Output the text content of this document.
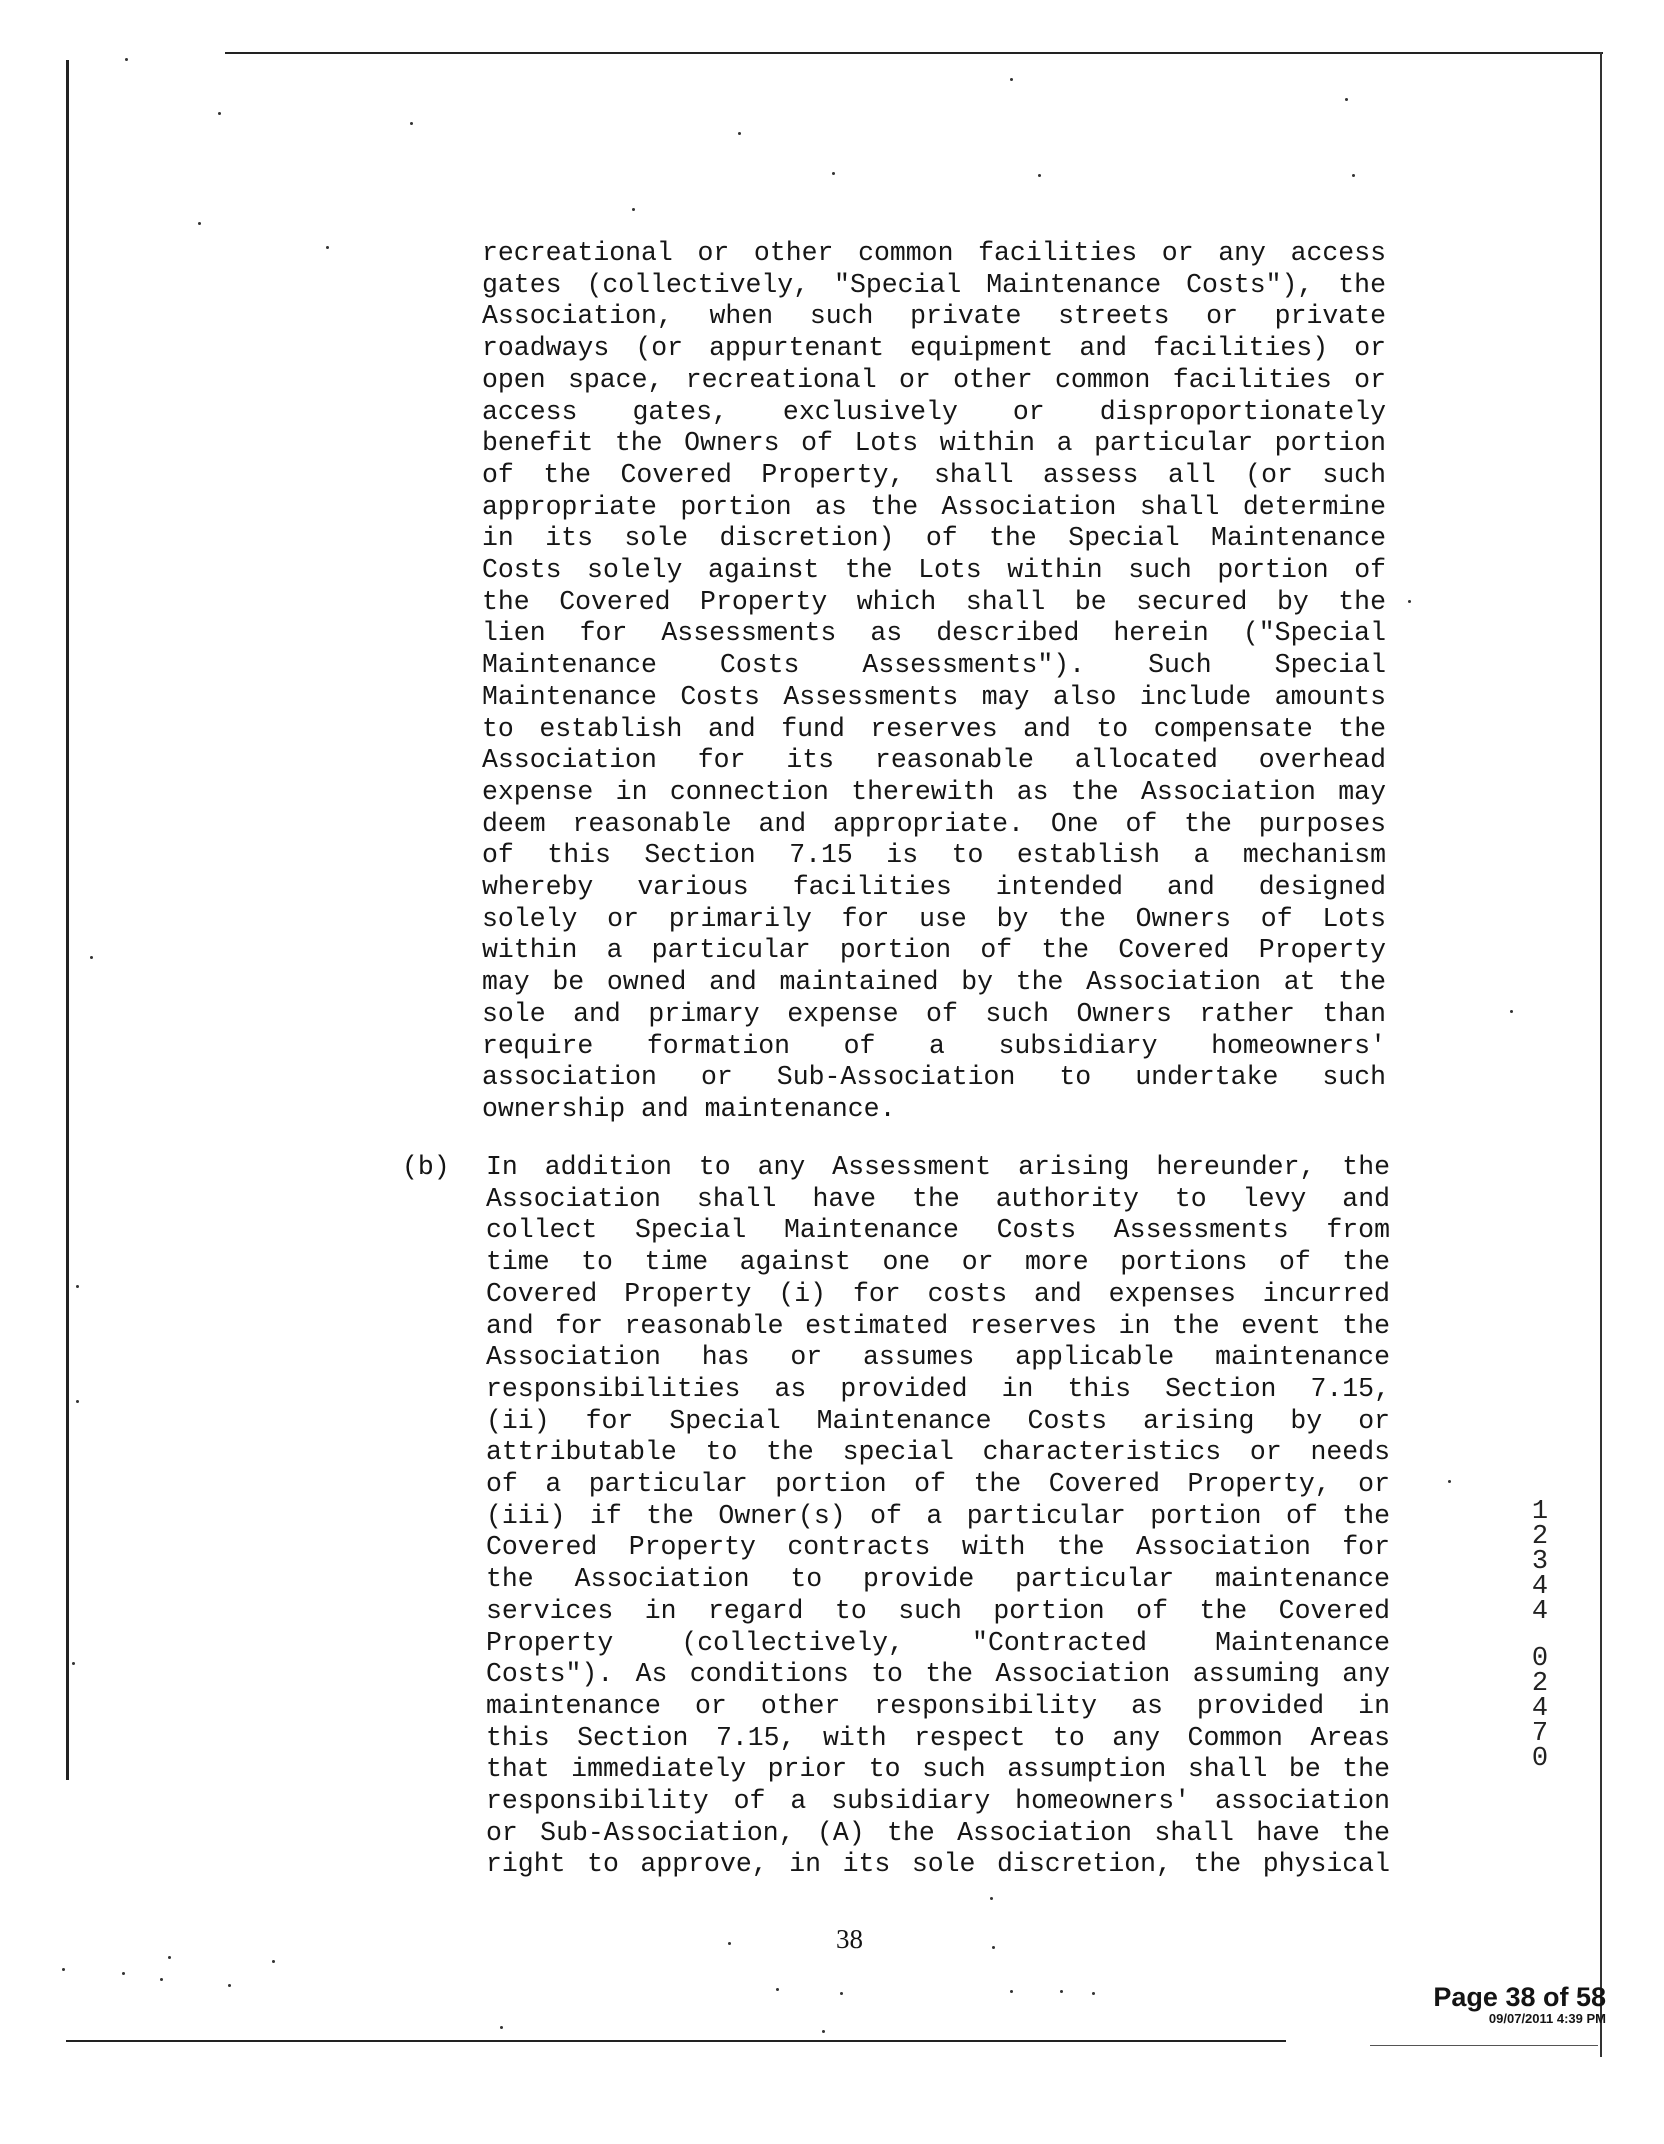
recreational or other common facilities or any access
gates (collectively, "Special Maintenance Costs"), the
Association, when such private streets or private
roadways (or appurtenant equipment and facilities) or
open space, recreational or other common facilities or
access gates, exclusively or disproportionately
benefit the Owners of Lots within a particular portion
of the Covered Property, shall assess all (or such
appropriate portion as the Association shall determine
in its sole discretion) of the Special Maintenance
Costs solely against the Lots within such portion of
the Covered Property which shall be secured by the
lien for Assessments as described herein ("Special
Maintenance Costs Assessments"). Such Special
Maintenance Costs Assessments may also include amounts
to establish and fund reserves and to compensate the
Association for its reasonable allocated overhead
expense in connection therewith as the Association may
deem reasonable and appropriate. One of the purposes
of this Section 7.15 is to establish a mechanism
whereby various facilities intended and designed
solely or primarily for use by the Owners of Lots
within a particular portion of the Covered Property
may be owned and maintained by the Association at the
sole and primary expense of such Owners rather than
require formation of a subsidiary homeowners'
association or Sub-Association to undertake such
ownership and maintenance.
(b) In addition to any Assessment arising hereunder, the
Association shall have the authority to levy and
collect Special Maintenance Costs Assessments from
time to time against one or more portions of the
Covered Property (i) for costs and expenses incurred
and for reasonable estimated reserves in the event the
Association has or assumes applicable maintenance
responsibilities as provided in this Section 7.15,
(ii) for Special Maintenance Costs arising by or
attributable to the special characteristics or needs
of a particular portion of the Covered Property, or
(iii) if the Owner(s) of a particular portion of the
Covered Property contracts with the Association for
the Association to provide particular maintenance
services in regard to such portion of the Covered
Property (collectively, "Contracted Maintenance
Costs"). As conditions to the Association assuming any
maintenance or other responsibility as provided in
this Section 7.15, with respect to any Common Areas
that immediately prior to such assumption shall be the
responsibility of a subsidiary homeowners' association
or Sub-Association, (A) the Association shall have the
right to approve, in its sole discretion, the physical
38
1
2
3
4
4
0
2
4
7
0
Page 38 of 58
09/07/2011 4:39 PM
